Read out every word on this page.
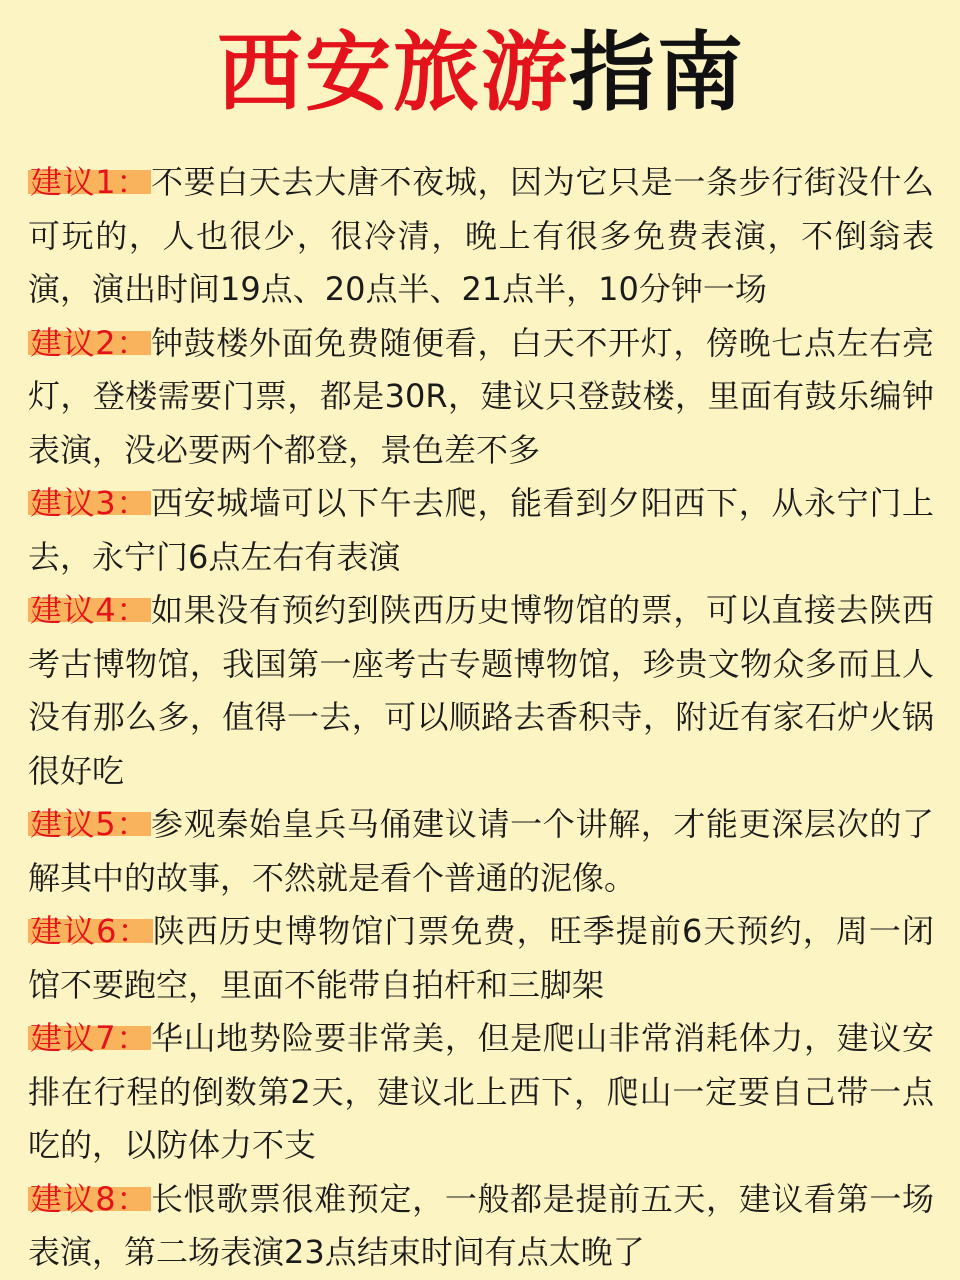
西安旅游指南

建议1：不要白天去大唐不夜城，因为它只是一条步行街没什么可玩的，人也很少，很冷清，晚上有很多免费表演，不倒翁表演，演出时间19点、20点半、21点半，10分钟一场

建议2：钟鼓楼外面免费随便看，白天不开灯，傍晚七点左右亮灯，登楼需要门票，都是30R，建议只登鼓楼，里面有鼓乐编钟表演，没必要两个都登，景色差不多

建议3：西安城墙可以下午去爬，能看到夕阳西下，从永宁门上去，永宁门6点左右有表演

建议4：如果没有预约到陕西历史博物馆的票，可以直接去陕西考古博物馆，我国第一座考古专题博物馆，珍贵文物众多而且人没有那么多，值得一去，可以顺路去香积寺，附近有家石炉火锅很好吃

建议5：参观秦始皇兵马俑建议请一个讲解，才能更深层次的了解其中的故事，不然就是看个普通的泥像。

建议6：陕西历史博物馆门票免费，旺季提前6天预约，周一闭馆不要跑空，里面不能带自拍杆和三脚架

建议7：华山地势险要非常美，但是爬山非常消耗体力，建议安排在行程的倒数第2天，建议北上西下，爬山一定要自己带一点吃的，以防体力不支

建议8：长恨歌票很难预定，一般都是提前五天，建议看第一场表演，第二场表演23点结束时间有点太晚了
